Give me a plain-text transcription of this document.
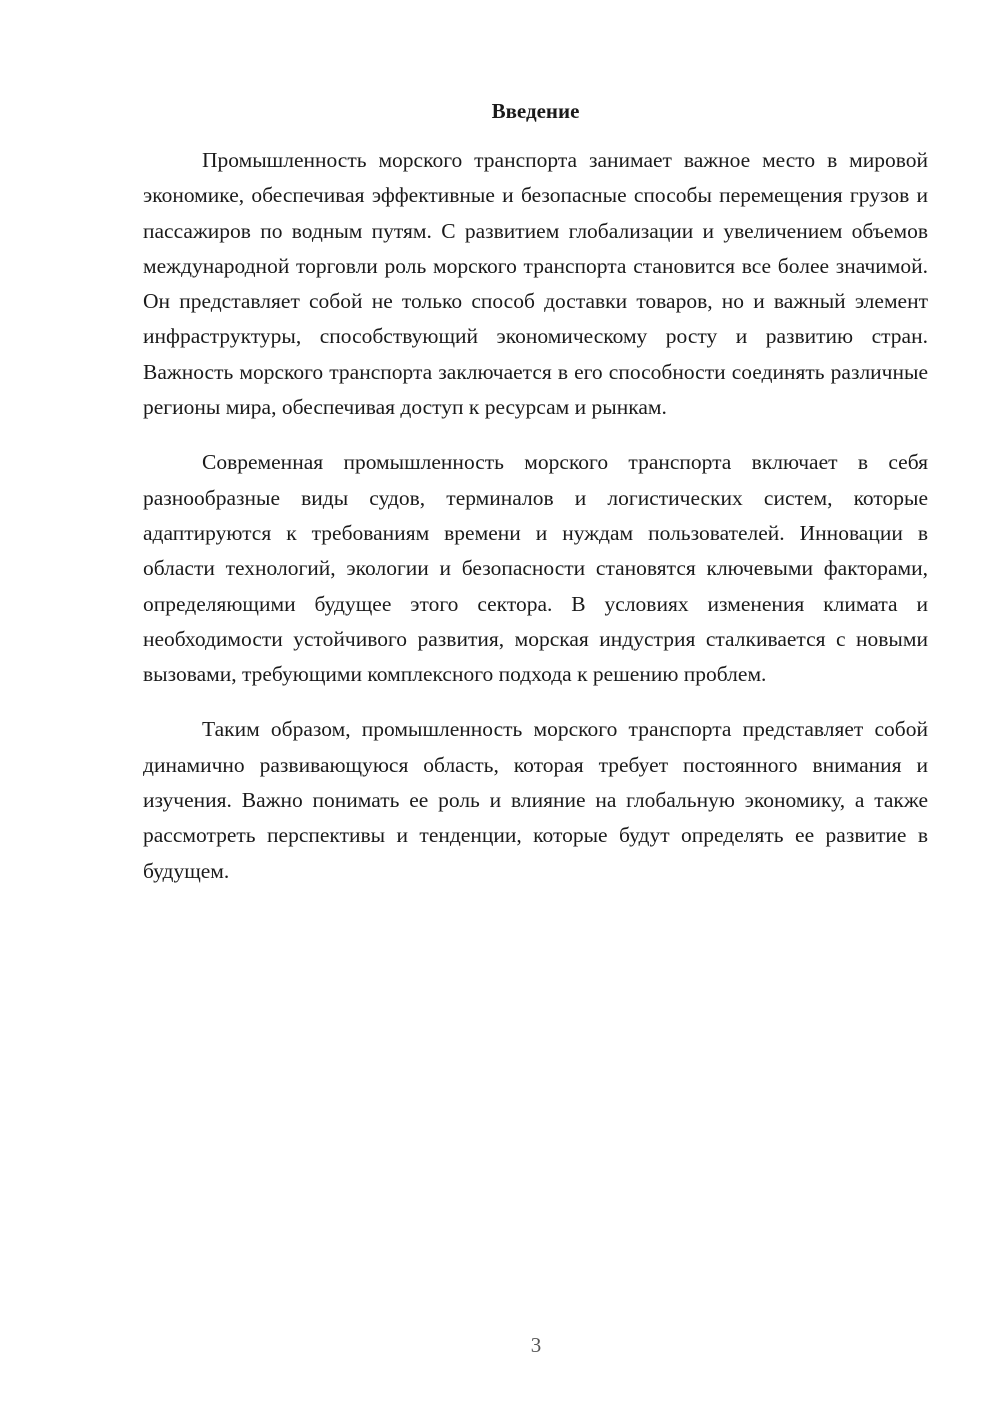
Введение

Промышленность морского транспорта занимает важное место в мировой экономике, обеспечивая эффективные и безопасные способы перемещения грузов и пассажиров по водным путям. С развитием глобализации и увеличением объемов международной торговли роль морского транспорта становится все более значимой. Он представляет собой не только способ доставки товаров, но и важный элемент инфраструктуры, способствующий экономическому росту и развитию стран. Важность морского транспорта заключается в его способности соединять различные регионы мира, обеспечивая доступ к ресурсам и рынкам.

Современная промышленность морского транспорта включает в себя разнообразные виды судов, терминалов и логистических систем, которые адаптируются к требованиям времени и нуждам пользователей. Инновации в области технологий, экологии и безопасности становятся ключевыми факторами, определяющими будущее этого сектора. В условиях изменения климата и необходимости устойчивого развития, морская индустрия сталкивается с новыми вызовами, требующими комплексного подхода к решению проблем.

Таким образом, промышленность морского транспорта представляет собой динамично развивающуюся область, которая требует постоянного внимания и изучения. Важно понимать ее роль и влияние на глобальную экономику, а также рассмотреть перспективы и тенденции, которые будут определять ее развитие в будущем.

3
